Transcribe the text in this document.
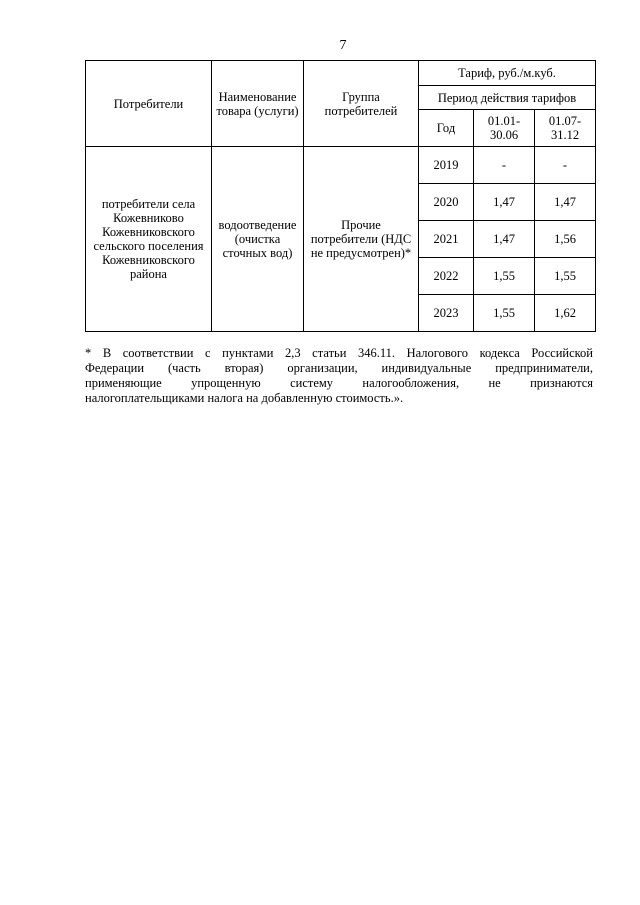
7
Потребители	Наименование товара (услуги)	Группа потребителей	Тариф, руб./м.куб.		
			Период действия тарифов		
			Год	01.01-30.06	01.07-31.12
потребители села Кожевниково Кожевниковского сельского поселения Кожевниковского района	водоотведение (очистка сточных вод)	Прочие потребители (НДС не предусмотрен)*	2019	-	-
			2020	1,47	1,47
			2021	1,47	1,56
			2022	1,55	1,55
			2023	1,55	1,62
* В соответствии с пунктами 2,3 статьи 346.11. Налогового кодекса Российской
Федерации (часть вторая) организации, индивидуальные предприниматели,
применяющие упрощенную систему налогообложения, не признаются
налогоплательщиками налога на добавленную стоимость.».
